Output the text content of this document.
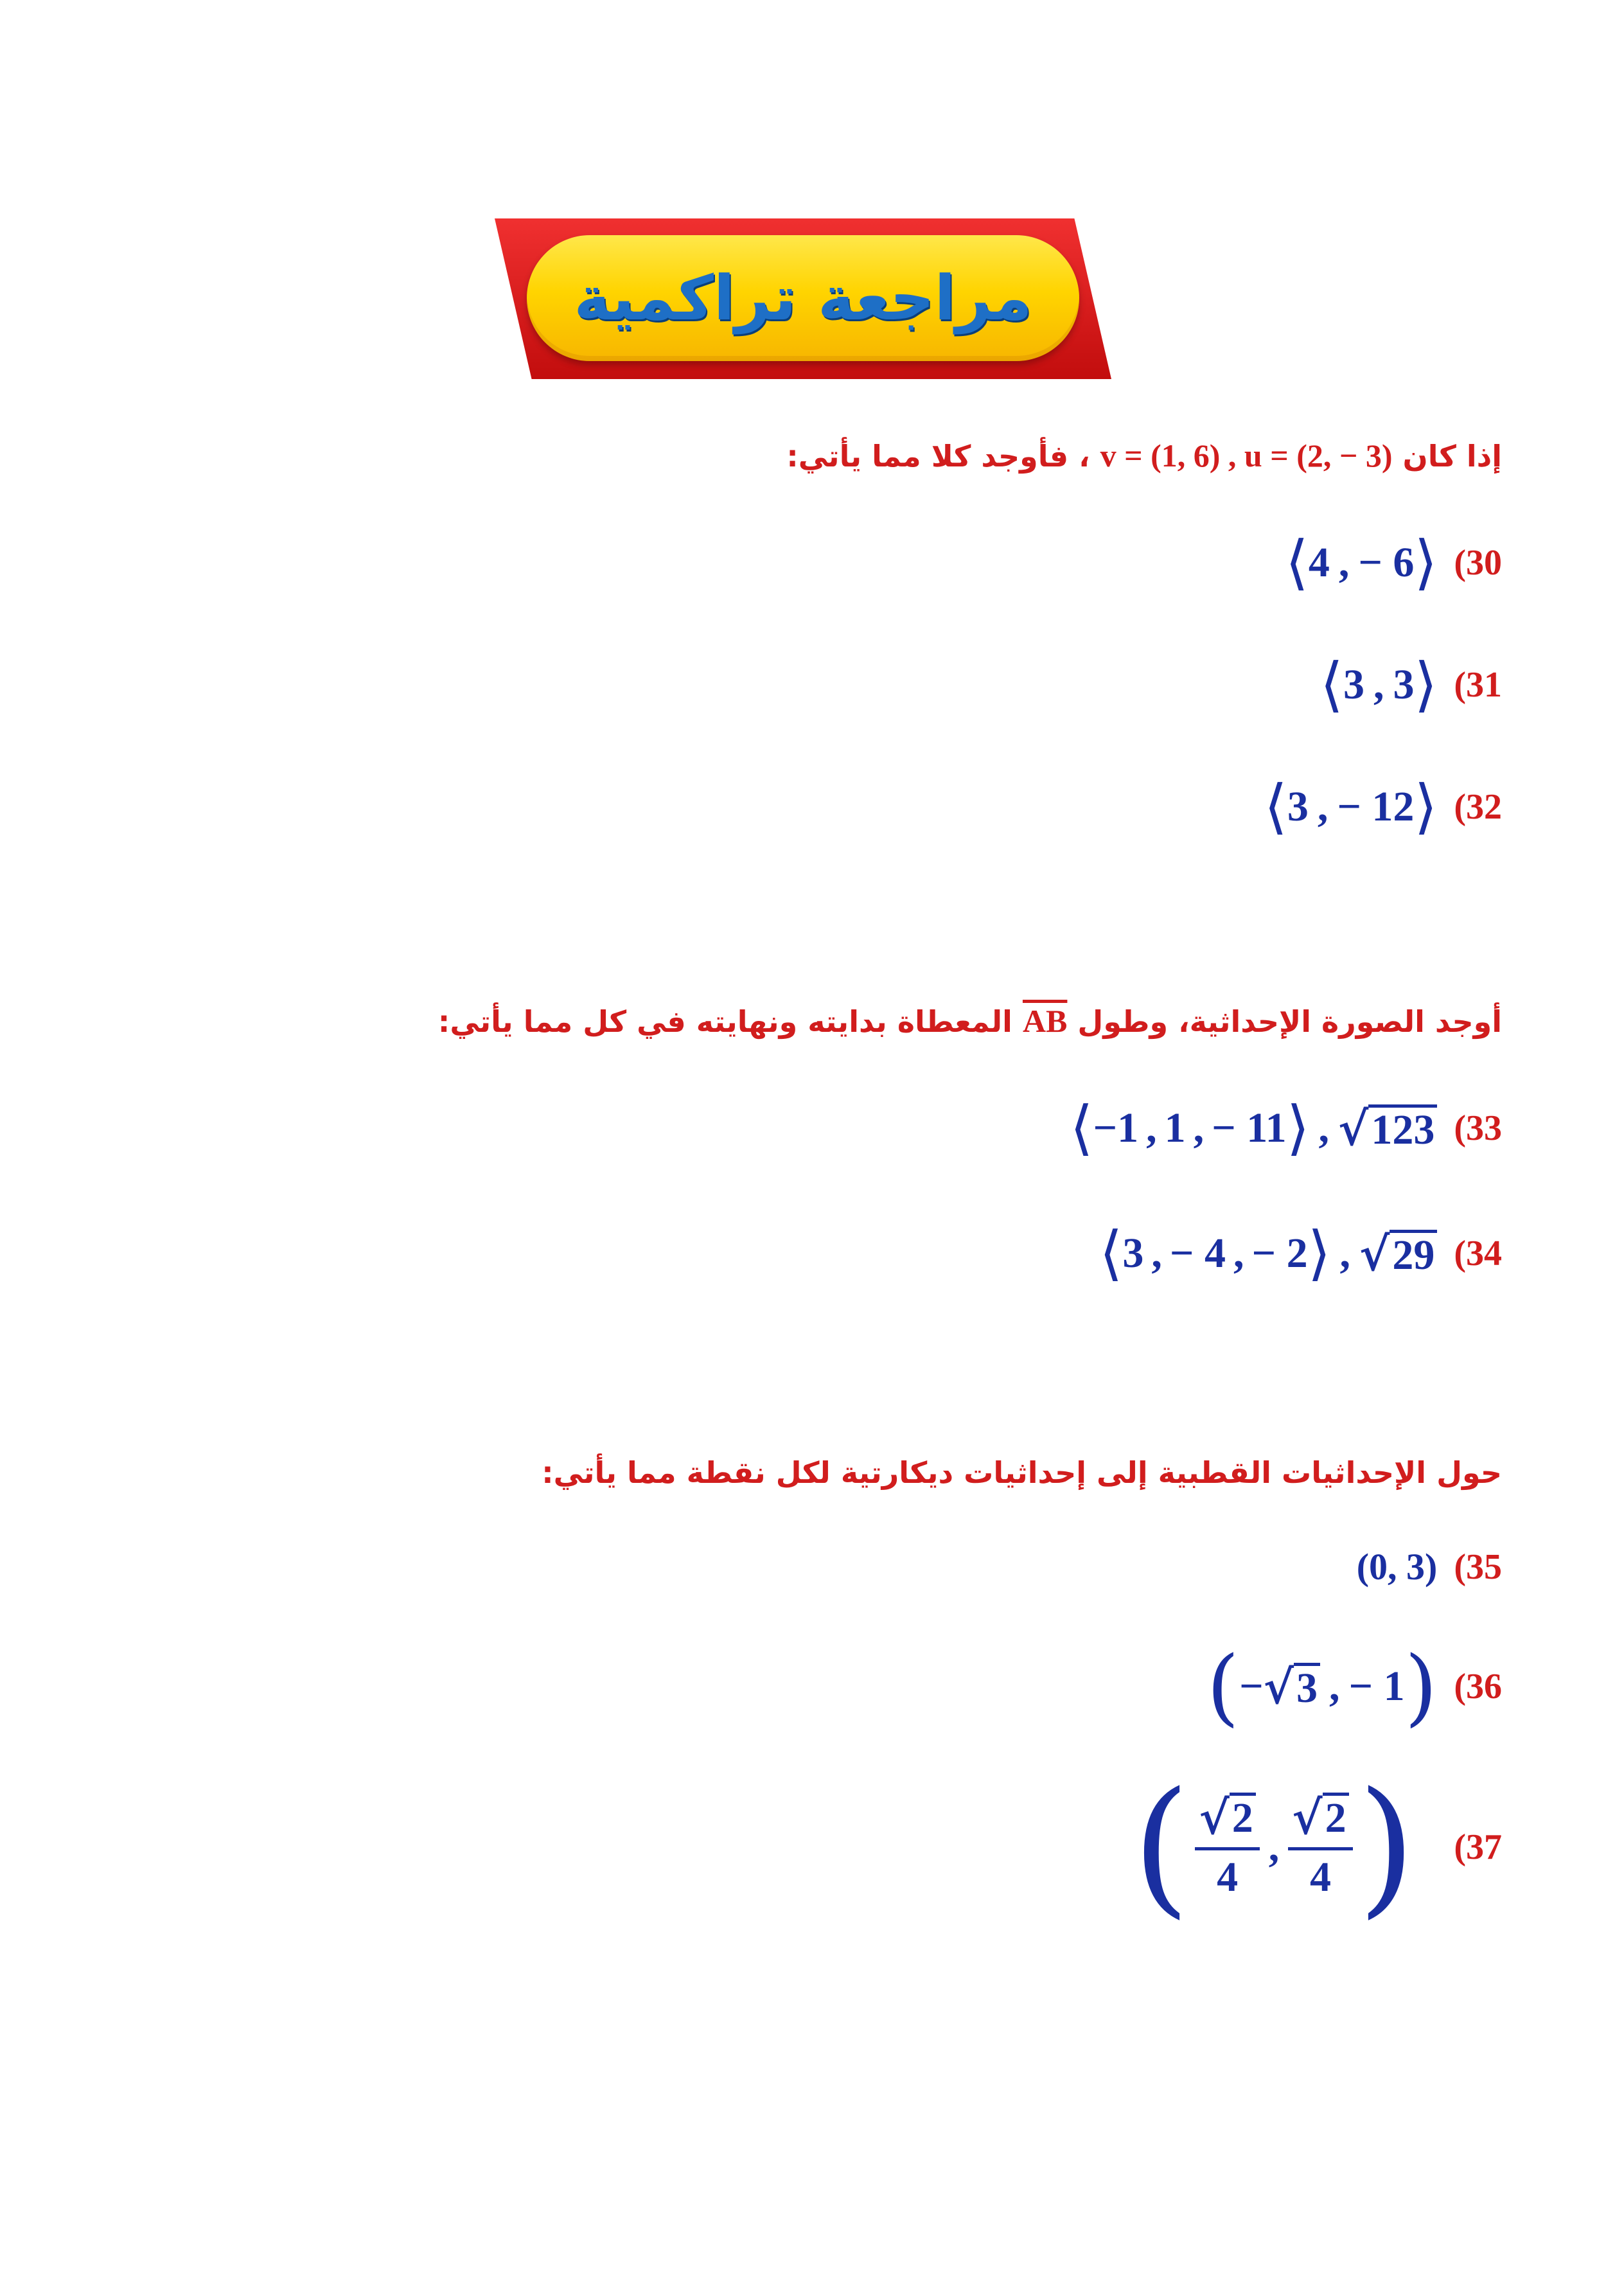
مراجعة تراكمية
إذا كان v = (1, 6) , u = (2, − 3) ، فأوجد كلا مما يأتي:
(30
⟨ 4 , − 6 ⟩
(31
⟨ 3 , 3 ⟩
(32
⟨ 3 , − 12 ⟩
أوجد الصورة الإحداثية، وطول $\overline{AB}$ المعطاة بدايته ونهايته في كل مما يأتي:
(33
⟨ −1 , 1 , − 11 ⟩ , √ 123
(34
⟨ 3 , − 4 , − 2 ⟩ , √ 29
حول الإحداثيات القطبية إلى إحداثيات ديكارتية لكل نقطة مما يأتي:
(35
(0, 3)
(36
( − √ 3 , − 1 )
(37
( $\frac{√ 2}{4}$ , $\frac{√ 2}{4}$ )
